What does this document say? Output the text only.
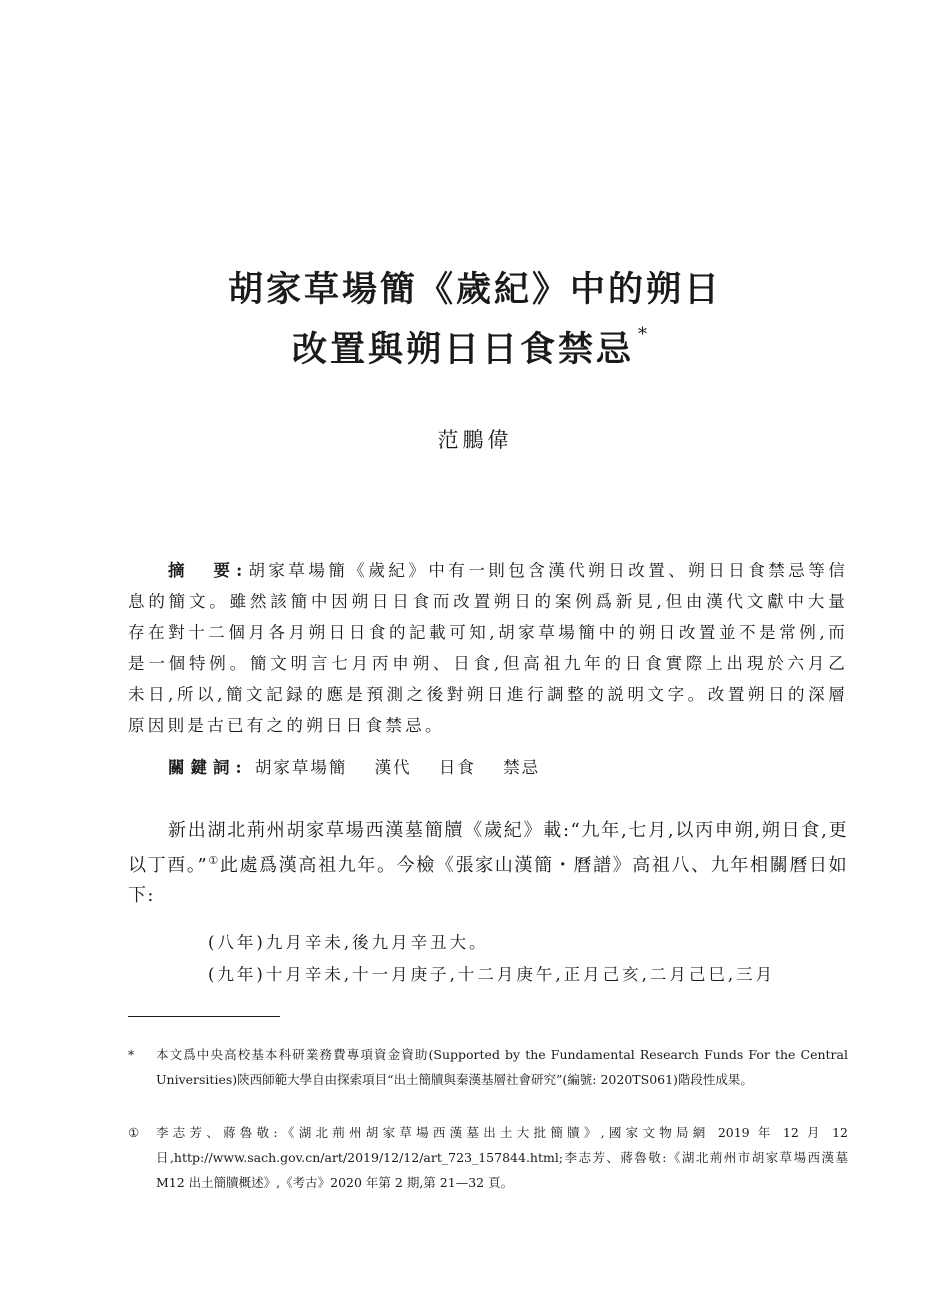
胡家草場簡《歲紀》中的朔日
改置與朔日日食禁忌 *
范鵬偉

摘　要:胡家草場簡《歲紀》中有一則包含漢代朔日改置、朔日日食禁忌等信息的簡文。雖然該簡中因朔日日食而改置朔日的案例爲新見,但由漢代文獻中大量存在對十二個月各月朔日日食的記載可知,胡家草場簡中的朔日改置並不是常例,而是一個特例。簡文明言七月丙申朔、日食,但高祖九年的日食實際上出現於六月乙未日,所以,簡文記録的應是預測之後對朔日進行調整的説明文字。改置朔日的深層原因則是古已有之的朔日日食禁忌。

關鍵詞: 胡家草場簡 漢代 日食 禁忌

新出湖北荊州胡家草場西漢墓簡牘《歲紀》載:“九年,七月,以丙申朔,朔日食,更以丁酉。”①此處爲漢高祖九年。今檢《張家山漢簡・曆譜》高祖八、九年相關曆日如下:

(八年)九月辛未,後九月辛丑大。

(九年)十月辛未,十一月庚子,十二月庚午,正月己亥,二月己巳,三月

* 本文爲中央高校基本科研業務費專項資金資助(Supported by the Fundamental Research Funds For the Central Universities)陝西師範大學自由探索項目“出土簡牘與秦漢基層社會研究”(編號: 2020TS061)階段性成果。

① 李志芳、蔣魯敬:《湖北荊州胡家草場西漢墓出土大批簡牘》,國家文物局網 2019 年 12 月 12 日,http://www.sach.gov.cn/art/2019/12/12/art_723_157844.html;李志芳、蔣魯敬:《湖北荊州市胡家草場西漢墓 M12 出土簡牘概述》,《考古》2020 年第 2 期,第 21—32 頁。
